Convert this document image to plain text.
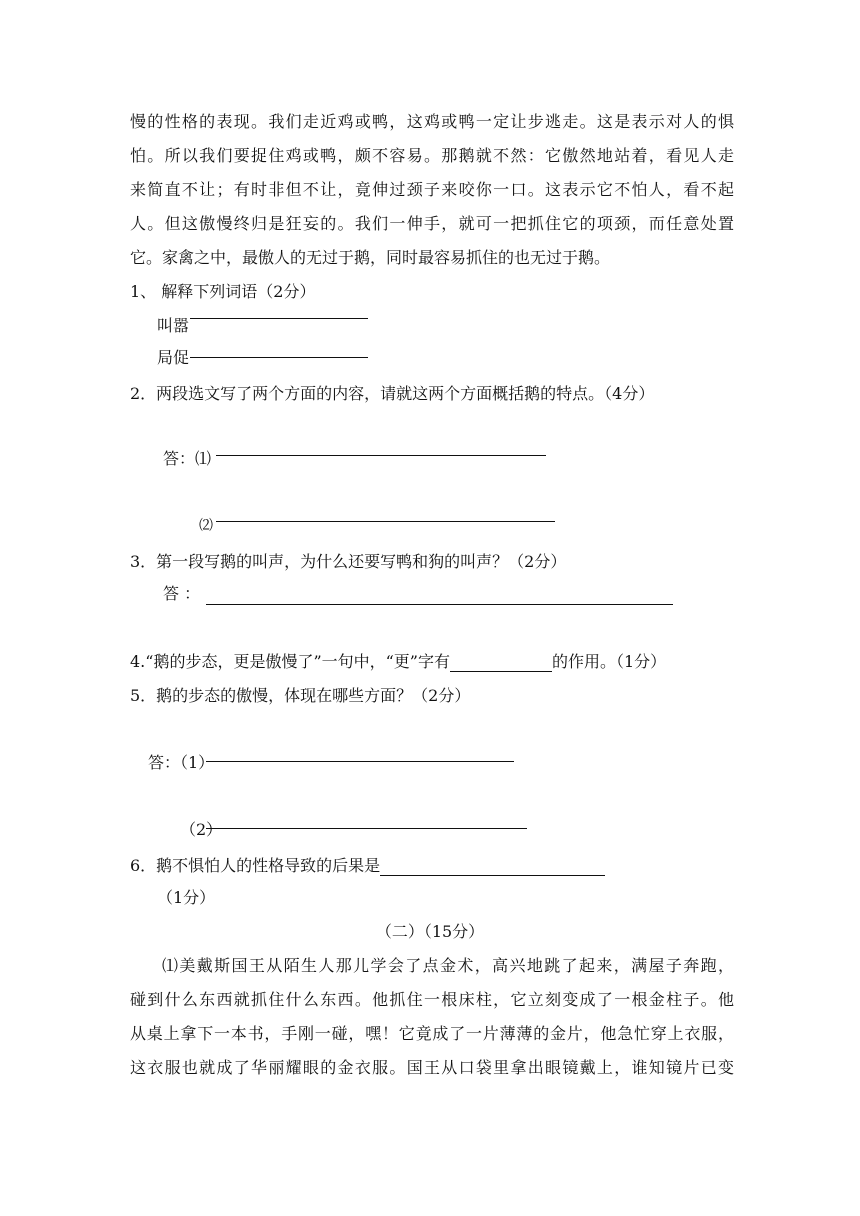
慢的性格的表现。我们走近鸡或鸭，这鸡或鸭一定让步逃走。这是表示对人的惧
怕。所以我们要捉住鸡或鸭，颇不容易。那鹅就不然：它傲然地站着，看见人走
来简直不让；有时非但不让，竟伸过颈子来咬你一口。这表示它不怕人，看不起
人。但这傲慢终归是狂妄的。我们一伸手，就可一把抓住它的项颈，而任意处置
它。家禽之中，最傲人的无过于鹅，同时最容易抓住的也无过于鹅。
1、 解释下列词语（2分）
叫嚣
局促
2．两段选文写了两个方面的内容，请就这两个方面概括鹅的特点。（4分）
答：⑴
⑵
3．第一段写鹅的叫声，为什么还要写鸭和狗的叫声？（2分）
答 ：
4.“鹅的步态，更是傲慢了”一句中，“更”字有	的作用。（1分）
5．鹅的步态的傲慢，体现在哪些方面？（2分）
答：（1）
（2）
6．鹅不惧怕人的性格导致的后果是
（1分）
（二）（15分）
⑴美戴斯国王从陌生人那儿学会了点金术，高兴地跳了起来，满屋子奔跑，
碰到什么东西就抓住什么东西。他抓住一根床柱，它立刻变成了一根金柱子。他
从桌上拿下一本书，手刚一碰，嘿！它竟成了一片薄薄的金片，他急忙穿上衣服，
这衣服也就成了华丽耀眼的金衣服。国王从口袋里拿出眼镜戴上，谁知镜片已变
